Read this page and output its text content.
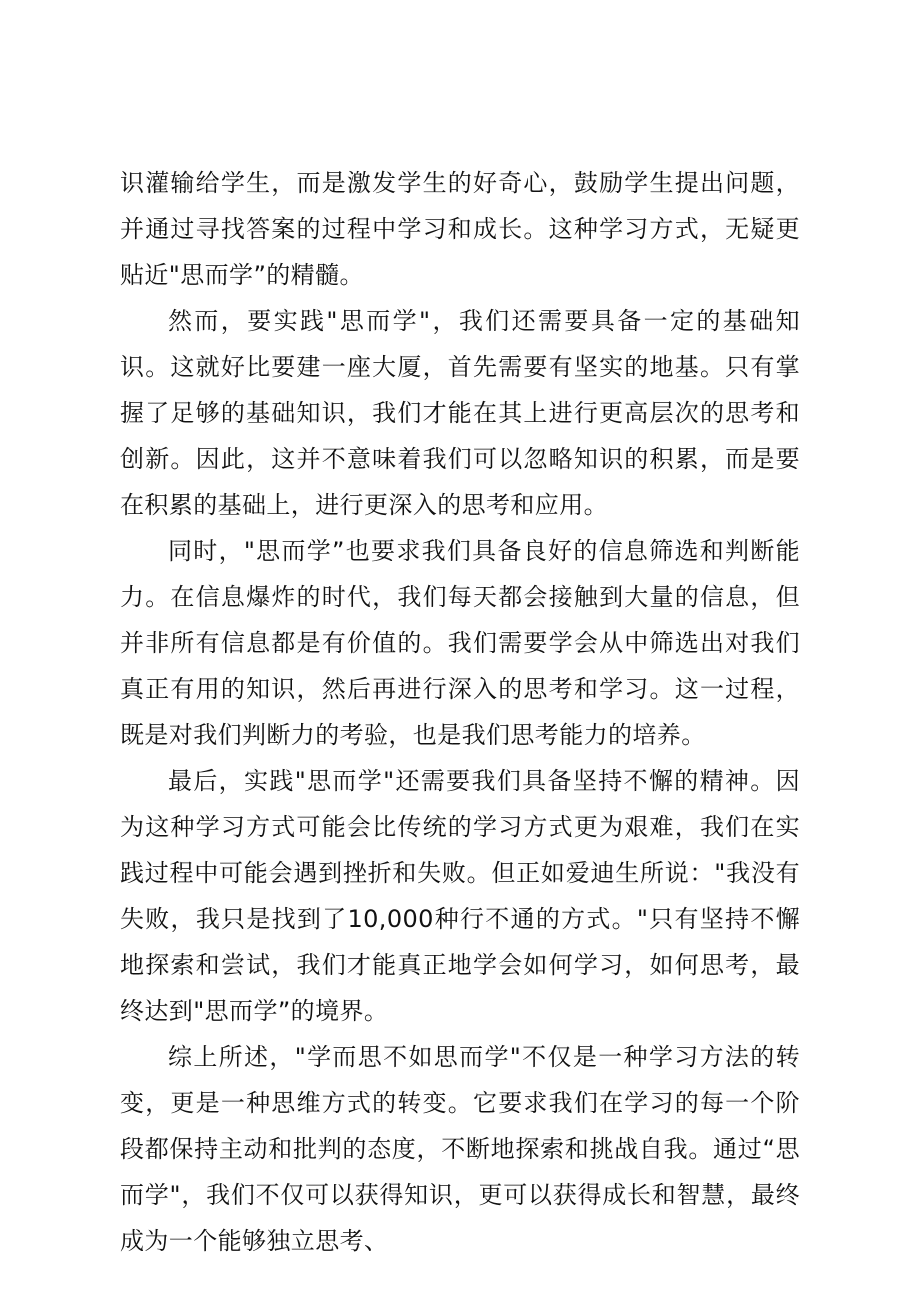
识灌输给学生，而是激发学生的好奇心，鼓励学生提出问题，并通过寻找答案的过程中学习和成长。这种学习方式，无疑更贴近"思而学”的精髓。

然而，要实践"思而学"，我们还需要具备一定的基础知识。这就好比要建一座大厦，首先需要有坚实的地基。只有掌握了足够的基础知识，我们才能在其上进行更高层次的思考和创新。因此，这并不意味着我们可以忽略知识的积累，而是要在积累的基础上，进行更深入的思考和应用。

同时，"思而学”也要求我们具备良好的信息筛选和判断能力。在信息爆炸的时代，我们每天都会接触到大量的信息，但并非所有信息都是有价值的。我们需要学会从中筛选出对我们真正有用的知识，然后再进行深入的思考和学习。这一过程，既是对我们判断力的考验，也是我们思考能力的培养。

最后，实践"思而学"还需要我们具备坚持不懈的精神。因为这种学习方式可能会比传统的学习方式更为艰难，我们在实践过程中可能会遇到挫折和失败。但正如爱迪生所说："我没有失败，我只是找到了10,000种行不通的方式。"只有坚持不懈地探索和尝试，我们才能真正地学会如何学习，如何思考，最终达到"思而学”的境界。

综上所述，"学而思不如思而学"不仅是一种学习方法的转变，更是一种思维方式的转变。它要求我们在学习的每一个阶段都保持主动和批判的态度，不断地探索和挑战自我。通过“思而学"，我们不仅可以获得知识，更可以获得成长和智慧，最终成为一个能够独立思考、
